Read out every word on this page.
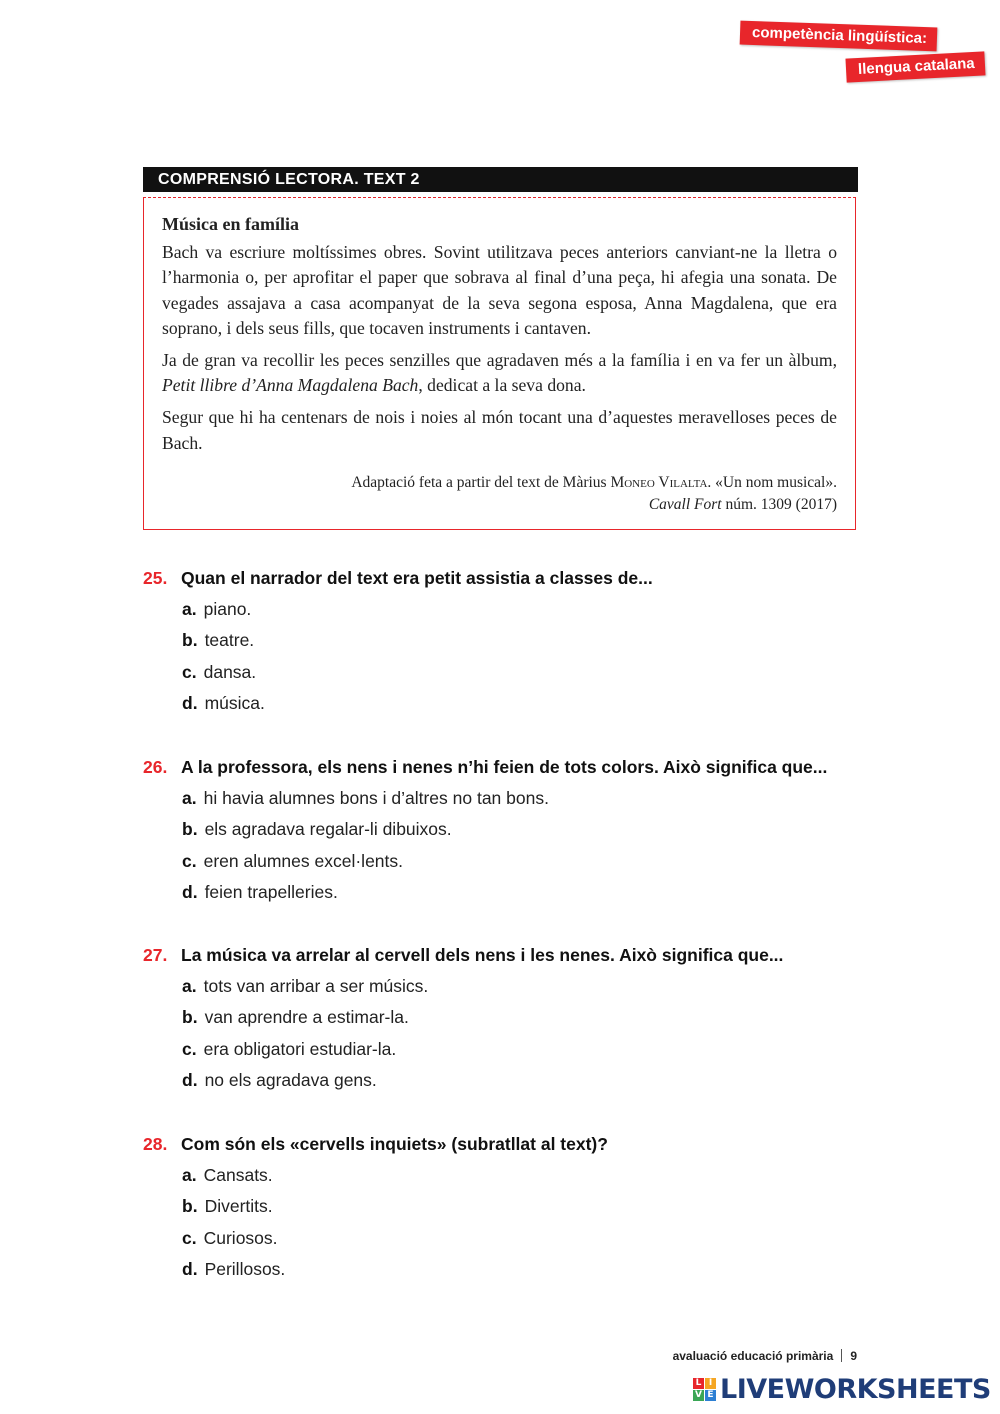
competència lingüística:
llengua catalana
COMPRENSIÓ LECTORA. TEXT 2
Música en família

Bach va escriure moltíssimes obres. Sovint utilitzava peces anteriors canviant-ne la lletra o l’harmonia o, per aprofitar el paper que sobrava al final d’una peça, hi afegia una sonata. De vegades assajava a casa acompanyat de la seva segona esposa, Anna Magdalena, que era soprano, i dels seus fills, que tocaven instruments i cantaven.

Ja de gran va recollir les peces senzilles que agradaven més a la família i en va fer un àlbum, Petit llibre d’Anna Magdalena Bach, dedicat a la seva dona.

Segur que hi ha centenars de nois i noies al món tocant una d’aquestes meravelloses peces de Bach.

Adaptació feta a partir del text de Màrius Moneo Vilalta. «Un nom musical».
Cavall Fort núm. 1309 (2017)
25. Quan el narrador del text era petit assistia a classes de...
a. piano.
b. teatre.
c. dansa.
d. música.
26. A la professora, els nens i nenes n’hi feien de tots colors. Això significa que...
a. hi havia alumnes bons i d’altres no tan bons.
b. els agradava regalar-li dibuixos.
c. eren alumnes excel·lents.
d. feien trapelleries.
27. La música va arrelar al cervell dels nens i les nenes. Això significa que...
a. tots van arribar a ser músics.
b. van aprendre a estimar-la.
c. era obligatori estudiar-la.
d. no els agradava gens.
28. Com són els «cervells inquiets» (subratllat al text)?
a. Cansats.
b. Divertits.
c. Curiosos.
d. Perillosos.
avaluació educació primària 9
L I
V E LIVEWORKSHEETS
